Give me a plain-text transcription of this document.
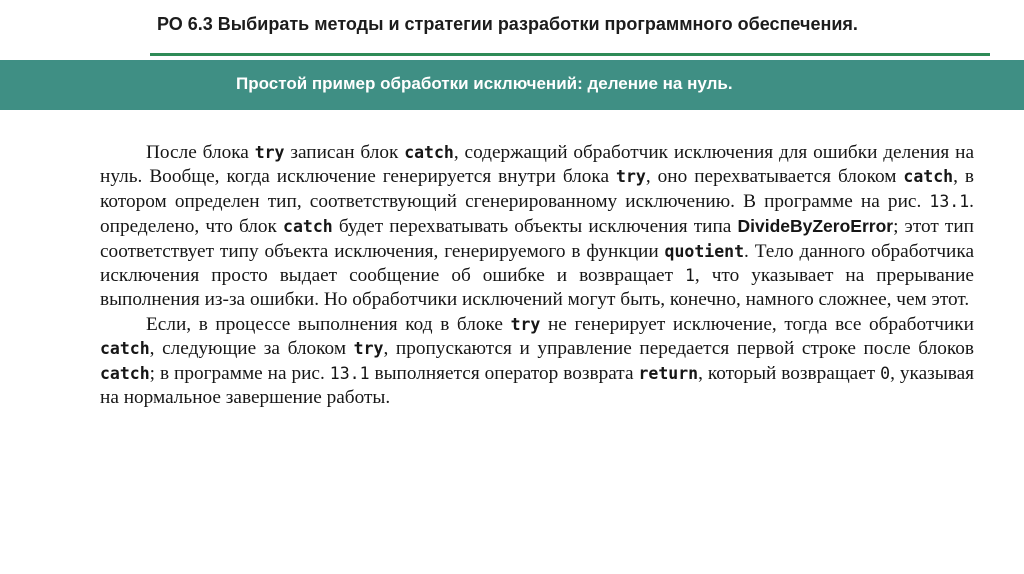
РО 6.3 Выбирать методы и стратегии разработки программного обеспечения.
Простой пример обработки исключений: деление на нуль.

После блока try записан блок catch, содержащий обработчик исключения для ошибки деления на нуль. Вообще, когда исключение генерируется внутри блока try, оно перехватывается блоком catch, в котором определен тип, соответствующий сгенерированному исключению. В программе на рис. 13.1. определено, что блок catch будет перехватывать объекты исключения типа DivideByZeroError; этот тип соответствует типу объекта исключения, генерируемого в функции quotient. Тело данного обработчика исключения просто выдает сообщение об ошибке и возвращает 1, что указывает на прерывание выполнения из-за ошибки. Но обработчики исключений могут быть, конечно, намного сложнее, чем этот.

Если, в процессе выполнения код в блоке try не генерирует исключение, тогда все обработчики catch, следующие за блоком try, пропускаются и управление передается первой строке после блоков catch; в программе на рис. 13.1 выполняется оператор возврата return, который возвращает 0, указывая на нормальное завершение работы.
